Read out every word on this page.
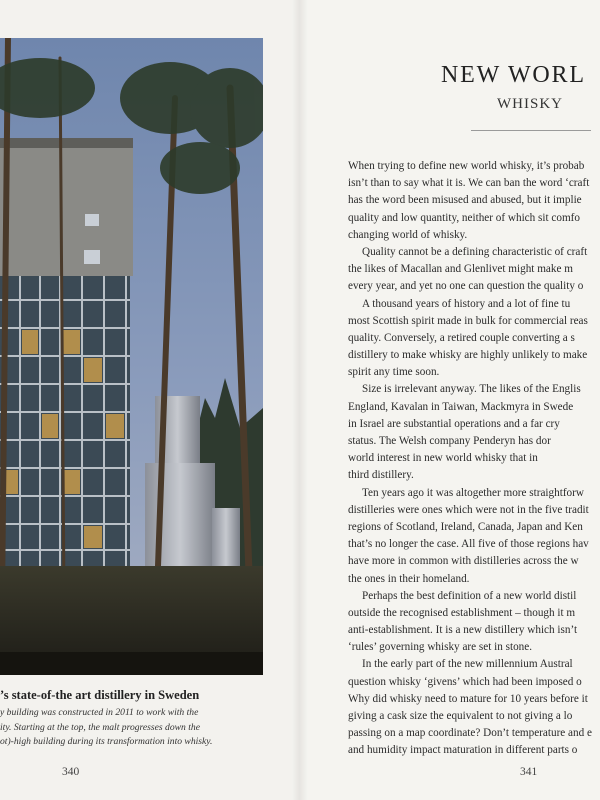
’s state-of-the art distillery in Sweden
y building was constructed in 2011 to work with the
ity. Starting at the top, the malt progresses down the
ot)-high building during its transformation into whisky.
340
NEW WORL
WHISKY
When trying to define new world whisky, it’s probab
isn’t than to say what it is. We can ban the word ‘craft
has the word been misused and abused, but it implie
quality and low quantity, neither of which sit comfo
changing world of whisky.
Quality cannot be a defining characteristic of craft
the likes of Macallan and Glenlivet might make m
every year, and yet no one can question the quality o
A thousand years of history and a lot of fine tu
most Scottish spirit made in bulk for commercial reas
quality. Conversely, a retired couple converting a s
distillery to make whisky are highly unlikely to make
spirit any time soon.
Size is irrelevant anyway. The likes of the Englis
England, Kavalan in Taiwan, Mackmyra in Swede
in Israel are substantial operations and a far cry
status. The Welsh company Penderyn has dor
world interest in new world whisky that in
third distillery.
Ten years ago it was altogether more straightforw
distilleries were ones which were not in the five tradit
regions of Scotland, Ireland, Canada, Japan and Ken
that’s no longer the case. All five of those regions hav
have more in common with distilleries across the w
the ones in their homeland.
Perhaps the best definition of a new world distil
outside the recognised establishment – though it m
anti-establishment. It is a new distillery which isn’t
‘rules’ governing whisky are set in stone.
In the early part of the new millennium Austral
question whisky ‘givens’ which had been imposed o
Why did whisky need to mature for 10 years before it
giving a cask size the equivalent to not giving a lo
passing on a map coordinate? Don’t temperature and e
and humidity impact maturation in different parts o
341
